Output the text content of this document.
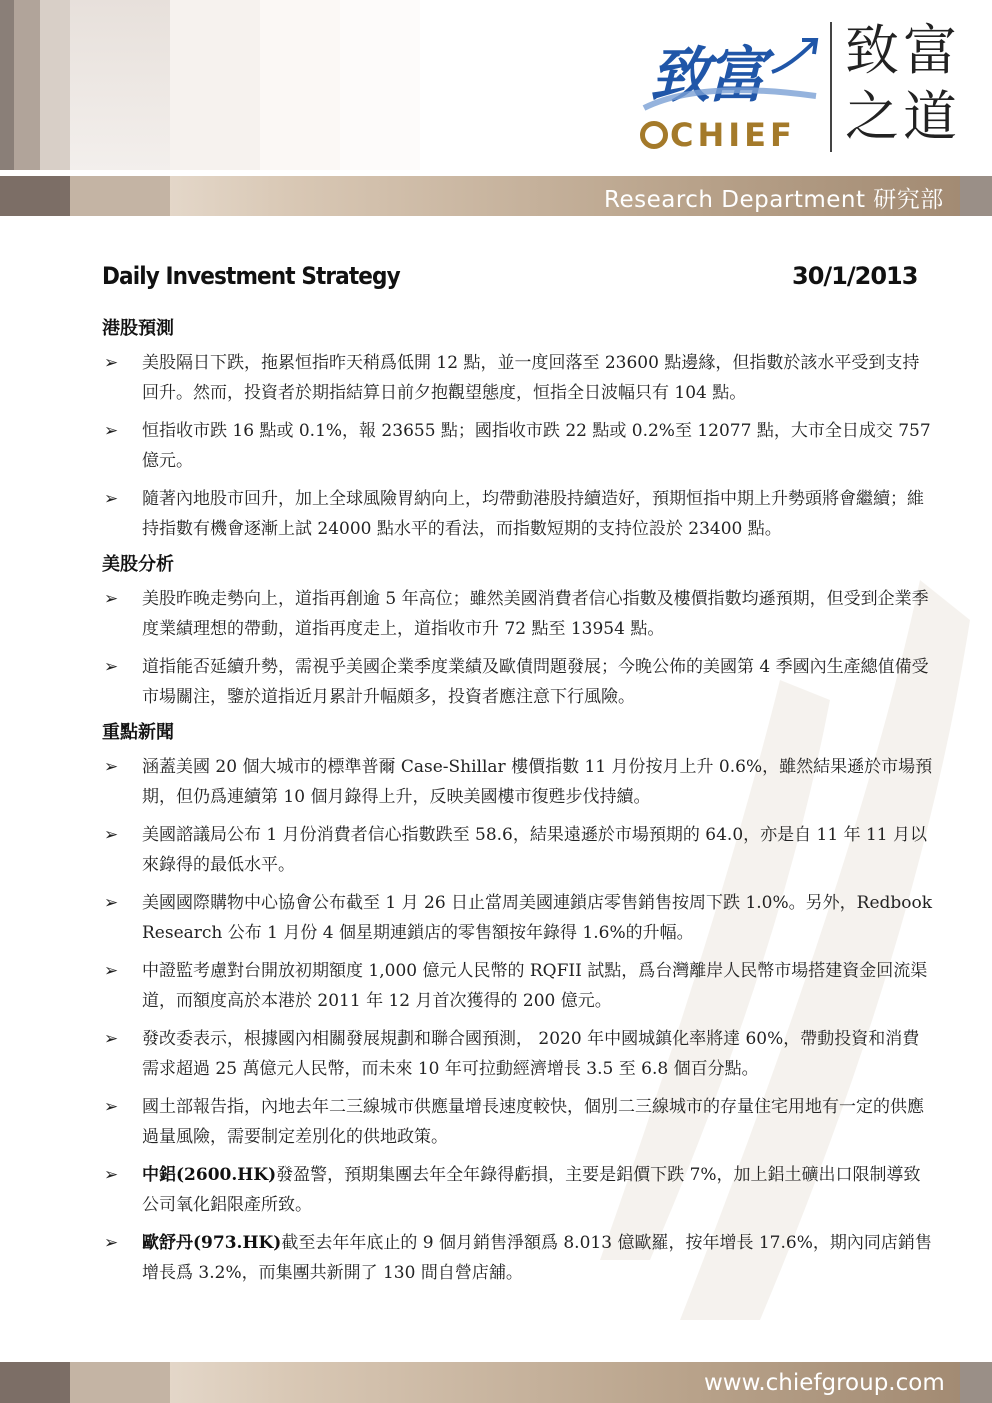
致富
CHIEF
致富
之道
Research Department 研究部
Daily Investment Strategy	30/1/2013
港股預測
➢ 美股隔日下跌，拖累恒指昨天稍爲低開 12 點，並一度回落至 23600 點邊緣，但指數於該水平受到支持回升。然而，投資者於期指結算日前夕抱觀望態度，恒指全日波幅只有 104 點。
➢ 恒指收市跌 16 點或 0.1%，報 23655 點；國指收市跌 22 點或 0.2%至 12077 點，大市全日成交 757 億元。
➢ 隨著內地股市回升，加上全球風險胃納向上，均帶動港股持續造好，預期恒指中期上升勢頭將會繼續；維持指數有機會逐漸上試 24000 點水平的看法，而指數短期的支持位設於 23400 點。
美股分析
➢ 美股昨晚走勢向上，道指再創逾 5 年高位；雖然美國消費者信心指數及樓價指數均遜預期，但受到企業季度業績理想的帶動，道指再度走上，道指收市升 72 點至 13954 點。
➢ 道指能否延續升勢，需視乎美國企業季度業績及歐債問題發展；今晚公佈的美國第 4 季國內生產總值備受市場關注，鑒於道指近月累計升幅頗多，投資者應注意下行風險。
重點新聞
➢ 涵蓋美國 20 個大城市的標準普爾 Case-Shillar 樓價指數 11 月份按月上升 0.6%，雖然結果遜於市場預期，但仍爲連續第 10 個月錄得上升，反映美國樓市復甦步伐持續。
➢ 美國諮議局公布 1 月份消費者信心指數跌至 58.6，結果遠遜於市場預期的 64.0，亦是自 11 年 11 月以來錄得的最低水平。
➢ 美國國際購物中心協會公布截至 1 月 26 日止當周美國連鎖店零售銷售按周下跌 1.0%。另外，Redbook Research 公布 1 月份 4 個星期連鎖店的零售額按年錄得 1.6%的升幅。
➢ 中證監考慮對台開放初期額度 1,000 億元人民幣的 RQFII 試點，爲台灣離岸人民幣市場搭建資金回流渠道，而額度高於本港於 2011 年 12 月首次獲得的 200 億元。
➢ 發改委表示，根據國內相關發展規劃和聯合國預測， 2020 年中國城鎮化率將達 60%，帶動投資和消費需求超過 25 萬億元人民幣，而未來 10 年可拉動經濟增長 3.5 至 6.8 個百分點。
➢ 國土部報告指，內地去年二三線城市供應量增長速度較快，個別二三線城市的存量住宅用地有一定的供應過量風險，需要制定差別化的供地政策。
➢ 中鋁(2600.HK)發盈警，預期集團去年全年錄得虧損，主要是鋁價下跌 7%，加上鋁土礦出口限制導致公司氧化鋁限產所致。
➢ 歐舒丹(973.HK)截至去年年底止的 9 個月銷售淨額爲 8.013 億歐羅，按年增長 17.6%，期內同店銷售增長爲 3.2%，而集團共新開了 130 間自營店舖。
www.chiefgroup.com
